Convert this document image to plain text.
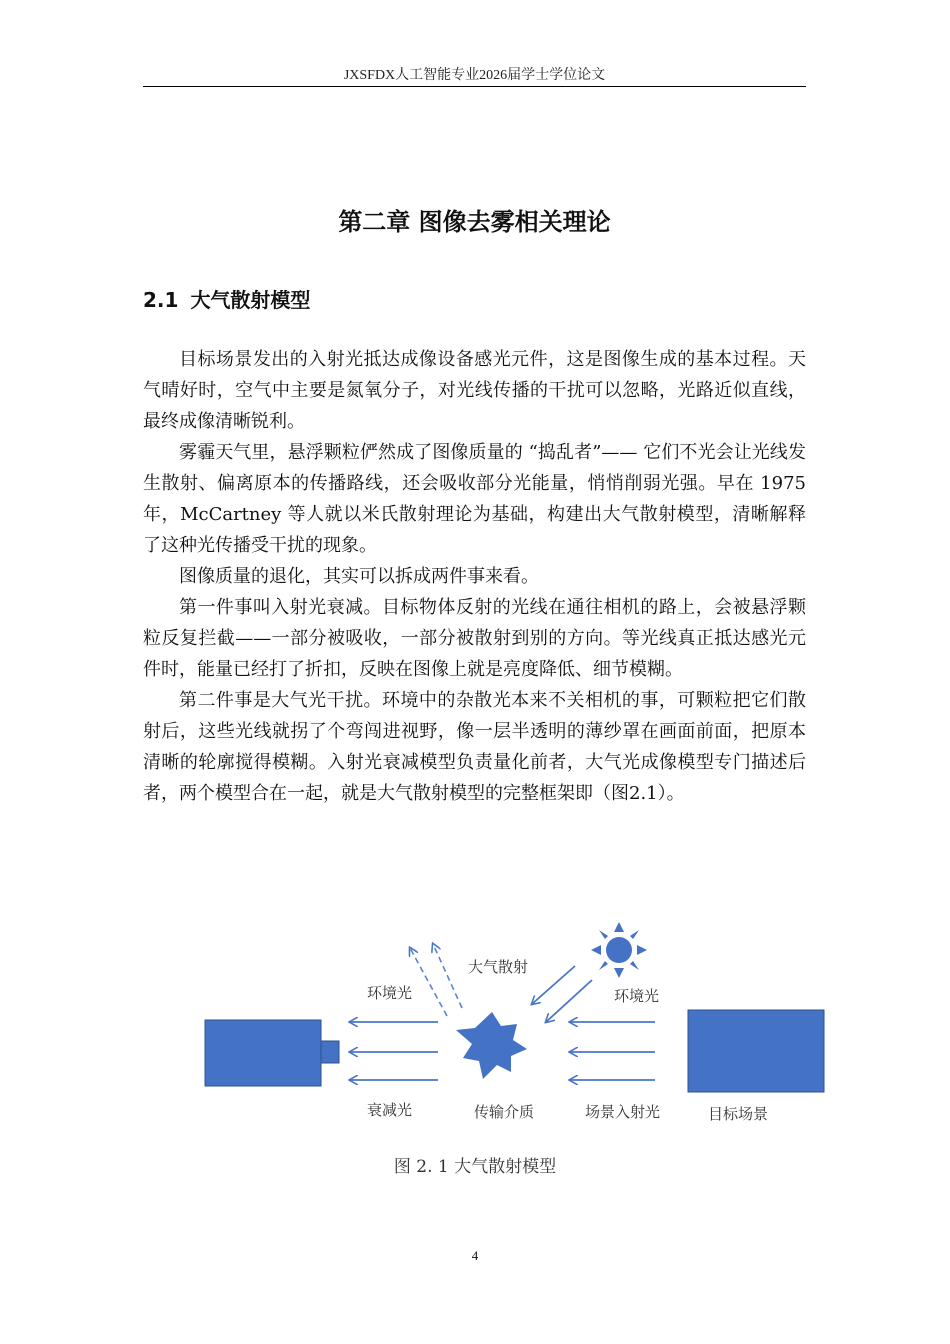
JXSFDX人工智能专业2026届学士学位论文
第二章 图像去雾相关理论
2.1 大气散射模型

目标场景发出的入射光抵达成像设备感光元件，这是图像生成的基本过程。天气晴好时，空气中主要是氮氧分子，对光线传播的干扰可以忽略，光路近似直线，最终成像清晰锐利。

雾霾天气里，悬浮颗粒俨然成了图像质量的 “捣乱者”—— 它们不光会让光线发生散射、偏离原本的传播路线，还会吸收部分光能量，悄悄削弱光强。早在 1975 年，McCartney 等人就以米氏散射理论为基础，构建出大气散射模型，清晰解释了这种光传播受干扰的现象。

图像质量的退化，其实可以拆成两件事来看。

第一件事叫入射光衰减。目标物体反射的光线在通往相机的路上，会被悬浮颗粒反复拦截——一部分被吸收，一部分被散射到别的方向。等光线真正抵达感光元件时，能量已经打了折扣，反映在图像上就是亮度降低、细节模糊。

第二件事是大气光干扰。环境中的杂散光本来不关相机的事，可颗粒把它们散射后，这些光线就拐了个弯闯进视野，像一层半透明的薄纱罩在画面前面，把原本清晰的轮廓搅得模糊。入射光衰减模型负责量化前者，大气光成像模型专门描述后者，两个模型合在一起，就是大气散射模型的完整框架即（图2.1）。

大气散射
环境光	环境光
衰减光	传输介质	场景入射光	目标场景
图 2. 1 大气散射模型
4
